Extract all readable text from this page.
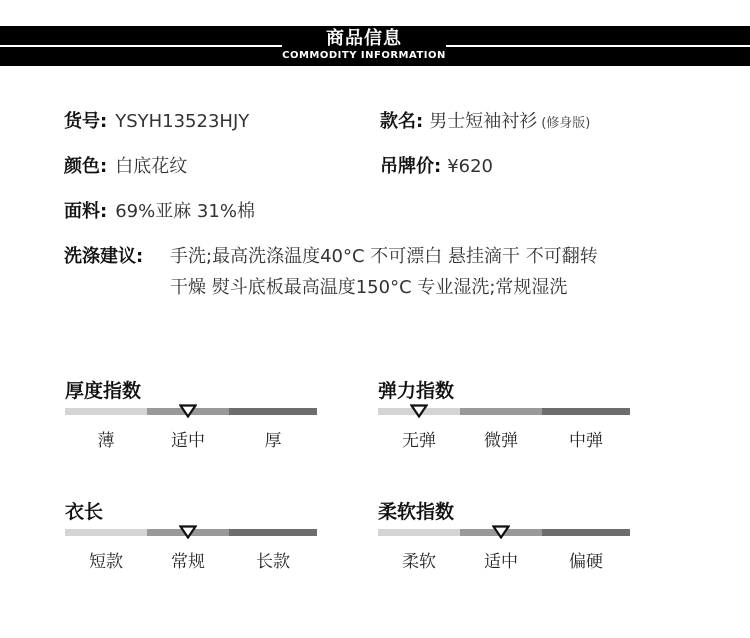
商品信息
COMMODITY INFORMATION
货号: YSYH13523HJY	款名: 男士短袖衬衫 (修身版)
颜色: 白底花纹	吊牌价: ¥620
面料: 69%亚麻 31%棉
洗涤建议: 手洗;最高洗涤温度40°C 不可漂白 悬挂滴干 不可翻转
干燥 熨斗底板最高温度150°C 专业湿洗;常规湿洗
厚度指数
薄	适中	厚
弹力指数
无弹	微弹	中弹
衣长
短款	常规	长款
柔软指数
柔软	适中	偏硬
